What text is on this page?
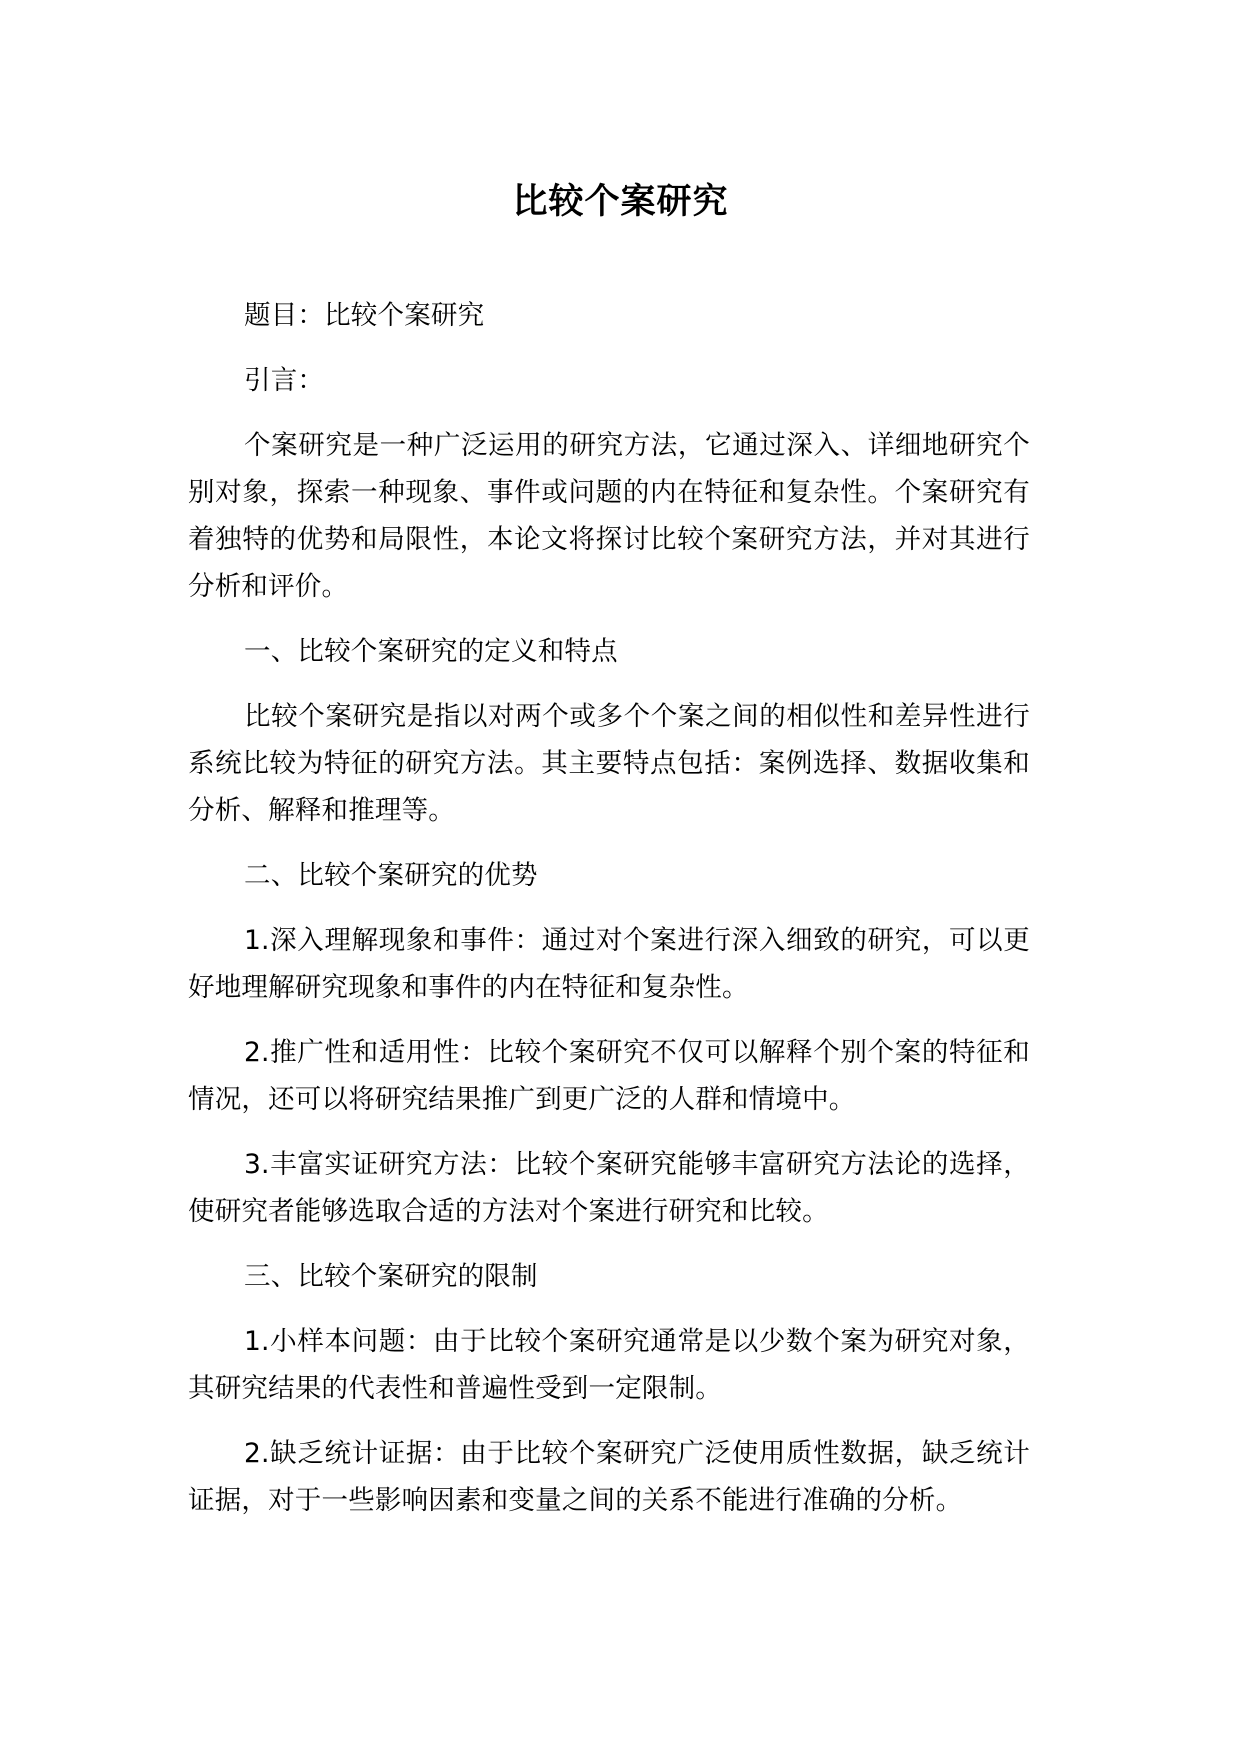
比较个案研究

题目：比较个案研究

引言：

个案研究是一种广泛运用的研究方法，它通过深入、详细地研究个别对象，探索一种现象、事件或问题的内在特征和复杂性。个案研究有着独特的优势和局限性，本论文将探讨比较个案研究方法，并对其进行分析和评价。

一、比较个案研究的定义和特点

比较个案研究是指以对两个或多个个案之间的相似性和差异性进行系统比较为特征的研究方法。其主要特点包括：案例选择、数据收集和分析、解释和推理等。

二、比较个案研究的优势

1.深入理解现象和事件：通过对个案进行深入细致的研究，可以更好地理解研究现象和事件的内在特征和复杂性。

2.推广性和适用性：比较个案研究不仅可以解释个别个案的特征和情况，还可以将研究结果推广到更广泛的人群和情境中。

3.丰富实证研究方法：比较个案研究能够丰富研究方法论的选择，使研究者能够选取合适的方法对个案进行研究和比较。

三、比较个案研究的限制

1.小样本问题：由于比较个案研究通常是以少数个案为研究对象，其研究结果的代表性和普遍性受到一定限制。

2.缺乏统计证据：由于比较个案研究广泛使用质性数据，缺乏统计证据，对于一些影响因素和变量之间的关系不能进行准确的分析。
